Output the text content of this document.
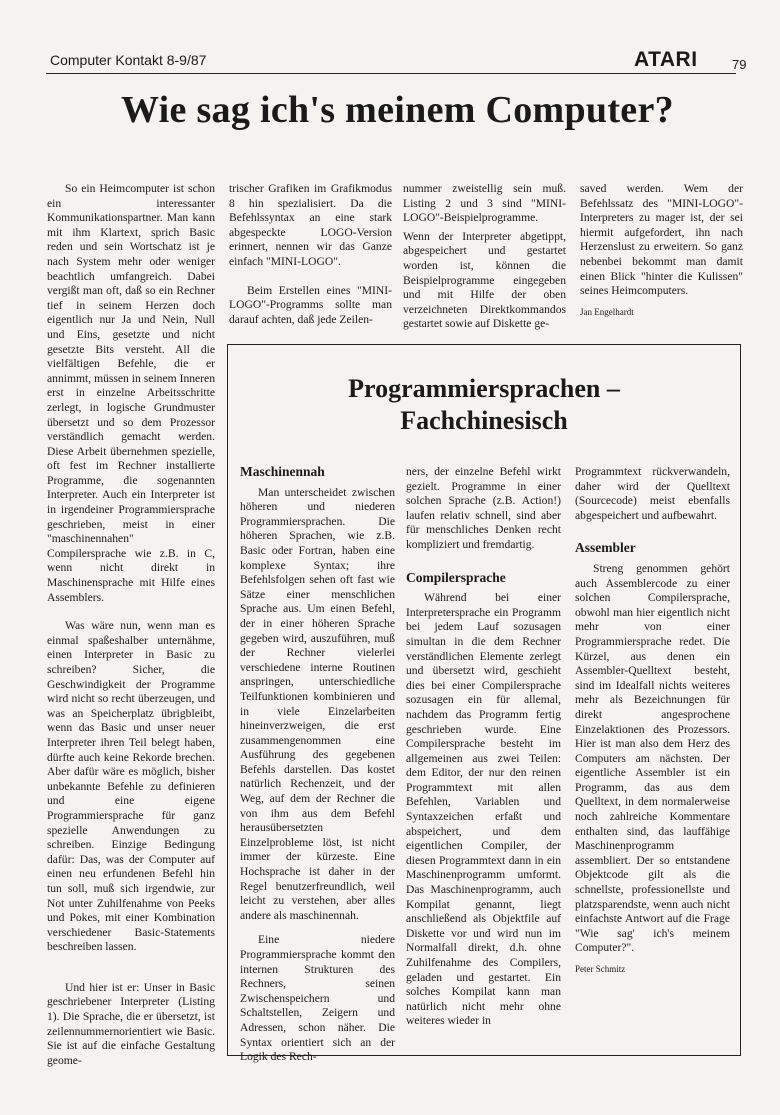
Computer Kontakt 8-9/87	ATARI	79
Wie sag ich's meinem Computer?

So ein Heimcomputer ist schon ein interessanter Kommunikationspartner. Man kann mit ihm Klartext, sprich Basic reden und sein Wortschatz ist je nach System mehr oder weniger beachtlich umfangreich. Dabei vergißt man oft, daß so ein Rechner tief in seinem Herzen doch eigentlich nur Ja und Nein, Null und Eins, gesetzte und nicht gesetzte Bits versteht. All die vielfältigen Befehle, die er annimmt, müssen in seinem Inneren erst in einzelne Arbeitsschritte zerlegt, in logische Grundmuster übersetzt und so dem Prozessor verständlich gemacht werden. Diese Arbeit übernehmen spezielle, oft fest im Rechner installierte Programme, die sogenannten Interpreter. Auch ein Interpreter ist in irgendeiner Programmiersprache geschrieben, meist in einer "maschinennahen" Compilersprache wie z.B. in C, wenn nicht direkt in Maschinensprache mit Hilfe eines Assemblers.

Was wäre nun, wenn man es einmal spaßeshalber unternähme, einen Interpreter in Basic zu schreiben? Sicher, die Geschwindigkeit der Programme wird nicht so recht überzeugen, und was an Speicherplatz übrigbleibt, wenn das Basic und unser neuer Interpreter ihren Teil belegt haben, dürfte auch keine Rekorde brechen. Aber dafür wäre es möglich, bisher unbekannte Befehle zu definieren und eine eigene Programmiersprache für ganz spezielle Anwendungen zu schreiben. Einzige Bedingung dafür: Das, was der Computer auf einen neu erfundenen Befehl hin tun soll, muß sich irgendwie, zur Not unter Zuhilfenahme von Peeks und Pokes, mit einer Kombination verschiedener Basic-Statements beschreiben lassen.

Und hier ist er: Unser in Basic geschriebener Interpreter (Listing 1). Die Sprache, die er übersetzt, ist zeilennummernorientiert wie Basic. Sie ist auf die einfache Gestaltung geome-

trischer Grafiken im Grafikmodus 8 hin spezialisiert. Da die Befehlssyntax an eine stark abgespeckte LOGO-Version erinnert, nennen wir das Ganze einfach "MINI-LOGO".

Beim Erstellen eines "MINI-LOGO"-Programms sollte man darauf achten, daß jede Zeilen-

nummer zweistellig sein muß. Listing 2 und 3 sind "MINI-LOGO"-Beispielprogramme.

Wenn der Interpreter abgetippt, abgespeichert und gestartet worden ist, können die Beispielprogramme eingegeben und mit Hilfe der oben verzeichneten Direktkommandos gestartet sowie auf Diskette ge-

saved werden. Wem der Befehlssatz des "MINI-LOGO"-Interpreters zu mager ist, der sei hiermit aufgefordert, ihn nach Herzenslust zu erweitern. So ganz nebenbei bekommt man damit einen Blick "hinter die Kulissen" seines Heimcomputers.

Jan Engelhardt
Programmiersprachen –
Fachchinesisch
Maschinennah

Man unterscheidet zwischen höheren und niederen Programmiersprachen. Die höheren Sprachen, wie z.B. Basic oder Fortran, haben eine komplexe Syntax; ihre Befehlsfolgen sehen oft fast wie Sätze einer menschlichen Sprache aus. Um einen Befehl, der in einer höheren Sprache gegeben wird, auszuführen, muß der Rechner vielerlei verschiedene interne Routinen anspringen, unterschiedliche Teilfunktionen kombinieren und in viele Einzelarbeiten hineinverzweigen, die erst zusammengenommen eine Ausführung des gegebenen Befehls darstellen. Das kostet natürlich Rechenzeit, und der Weg, auf dem der Rechner die von ihm aus dem Befehl herausübersetzten Einzelprobleme löst, ist nicht immer der kürzeste. Eine Hochsprache ist daher in der Regel benutzerfreundlich, weil leicht zu verstehen, aber alles andere als maschinennah.

Eine niedere Programmiersprache kommt den internen Strukturen des Rechners, seinen Zwischenspeichern und Schaltstellen, Zeigern und Adressen, schon näher. Die Syntax orientiert sich an der Logik des Rech-

ners, der einzelne Befehl wirkt gezielt. Programme in einer solchen Sprache (z.B. Action!) laufen relativ schnell, sind aber für menschliches Denken recht kompliziert und fremdartig.

Compilersprache

Während bei einer Interpretersprache ein Programm bei jedem Lauf sozusagen simultan in die dem Rechner verständlichen Elemente zerlegt und übersetzt wird, geschieht dies bei einer Compilersprache sozusagen ein für allemal, nachdem das Programm fertig geschrieben wurde. Eine Compilersprache besteht im allgemeinen aus zwei Teilen: dem Editor, der nur den reinen Programmtext mit allen Befehlen, Variablen und Syntaxzeichen erfaßt und abspeichert, und dem eigentlichen Compiler, der diesen Programmtext dann in ein Maschinenprogramm umformt. Das Maschinenprogramm, auch Kompilat genannt, liegt anschließend als Objektfile auf Diskette vor und wird nun im Normalfall direkt, d.h. ohne Zuhilfenahme des Compilers, geladen und gestartet. Ein solches Kompilat kann man natürlich nicht mehr ohne weiteres wieder in

Programmtext rückverwandeln, daher wird der Quelltext (Sourcecode) meist ebenfalls abgespeichert und aufbewahrt.

Assembler

Streng genommen gehört auch Assemblercode zu einer solchen Compilersprache, obwohl man hier eigentlich nicht mehr von einer Programmiersprache redet. Die Kürzel, aus denen ein Assembler-Quelltext besteht, sind im Idealfall nichts weiteres mehr als Bezeichnungen für direkt angesprochene Einzelaktionen des Prozessors. Hier ist man also dem Herz des Computers am nächsten. Der eigentliche Assembler ist ein Programm, das aus dem Quelltext, in dem normalerweise noch zahlreiche Kommentare enthalten sind, das lauffähige Maschinenprogramm assembliert. Der so entstandene Objektcode gilt als die schnellste, professionellste und platzsparendste, wenn auch nicht einfachste Antwort auf die Frage "Wie sag' ich's meinem Computer?".

Peter Schmitz
